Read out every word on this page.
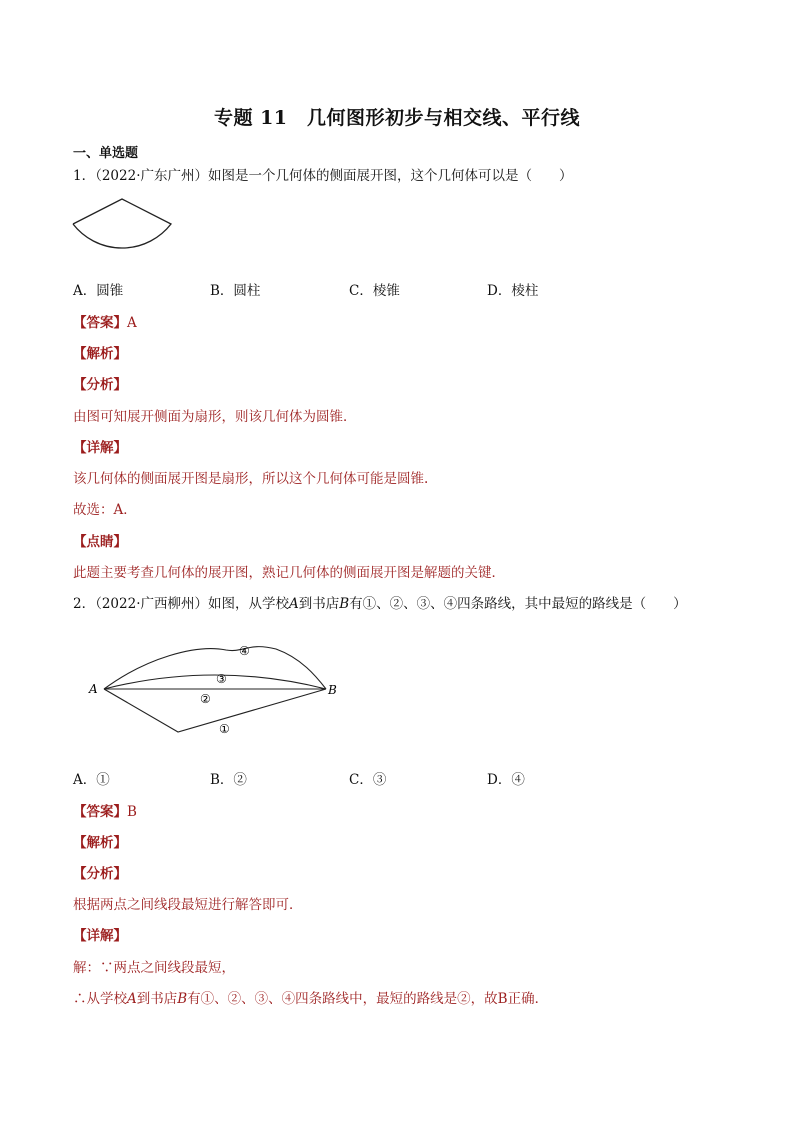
专题 11　几何图形初步与相交线、平行线
一、单选题
1．（2022·广东广州）如图是一个几何体的侧面展开图，这个几何体可以是（　　）
A．圆锥	B．圆柱	C．棱锥	D．棱柱
【答案】A
【解析】
【分析】
由图可知展开侧面为扇形，则该几何体为圆锥．
【详解】
该几何体的侧面展开图是扇形，所以这个几何体可能是圆锥.
故选：A．
【点睛】
此题主要考查几何体的展开图，熟记几何体的侧面展开图是解题的关键．
2．（2022·广西柳州）如图，从学校A到书店B有①、②、③、④四条路线，其中最短的路线是（　　）
A	B
④
③
②
①
A．①	B．②	C．③	D．④
【答案】B
【解析】
【分析】
根据两点之间线段最短进行解答即可．
【详解】
解：∵两点之间线段最短，
∴从学校A到书店B有①、②、③、④四条路线中，最短的路线是②，故B正确．
